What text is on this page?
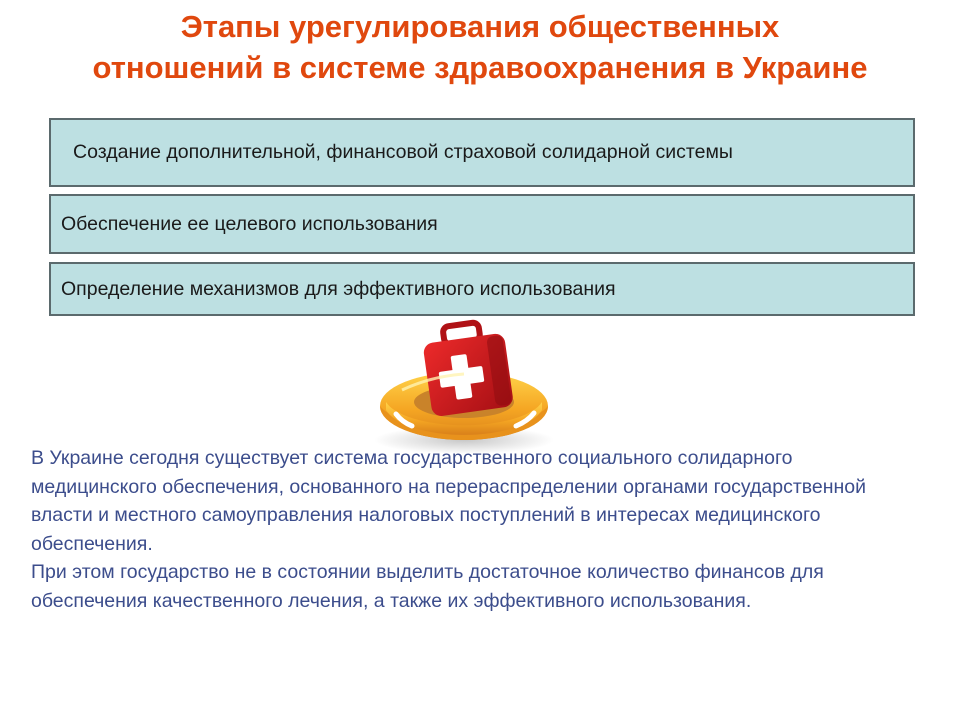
Этапы урегулирования общественных
отношений в системе здравоохранения в Украине
Создание дополнительной, финансовой страховой солидарной системы
Обеспечение ее целевого использования
Определение механизмов для эффективного использования

В Украине сегодня существует система государственного социального солидарного медицинского обеспечения, основанного на перераспределении органами государственной власти и местного самоуправления налоговых поступлений в интересах медицинского обеспечения.

При этом государство не в состоянии выделить достаточное количество финансов для обеспечения качественного лечения, а также их эффективного использования.
